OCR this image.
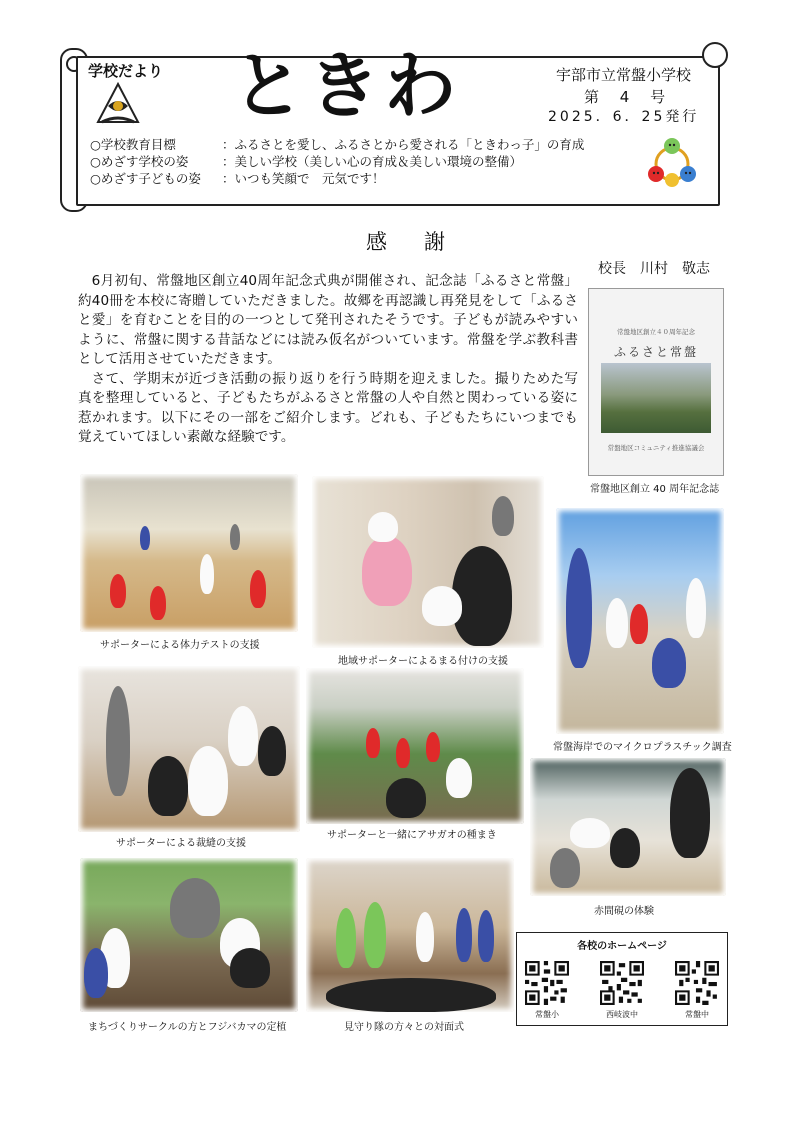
学校だより ときわ	宇部市立常盤小学校
第 4 号
2025．6．25発行
○学校教育目標	：ふるさとを愛し、ふるさとから愛される「ときわっ子」の育成
○めざす学校の姿	：美しい学校（美しい心の育成＆美しい環境の整備）
○めざす子どもの姿 ：いつも笑顔で　元気です！
感　謝
校長　川村　敬志

6月初旬、常盤地区創立40周年記念式典が開催され、記念誌「ふるさと常盤」約40冊を本校に寄贈していただきました。故郷を再認識し再発見をして「ふるさと愛」を育むことを目的の一つとして発刊されたそうです。子どもが読みやすいように、常盤に関する昔話などには読み仮名がついています。常盤を学ぶ教科書として活用させていただきます。

さて、学期末が近づき活動の振り返りを行う時期を迎えました。撮りためた写真を整理していると、子どもたちがふるさと常盤の人や自然と関わっている姿に惹かれます。以下にその一部をご紹介します。どれも、子どもたちにいつまでも覚えていてほしい素敵な経験です。

常盤地区創立４０周年記念
ふるさと常盤
常盤地区コミュニティ推進協議会
常盤地区創立 40 周年記念誌
サポーターによる体力テストの支援
地域サポーターによるまる付けの支援
常盤海岸でのマイクロプラスチック調査
サポーターによる裁縫の支援
サポーターと一緒にアサガオの種まき
赤間硯の体験
まちづくりサークルの方とフジバカマの定植	見守り隊の方々との対面式
各校のホームページ
常盤小	西岐波中	常盤中
